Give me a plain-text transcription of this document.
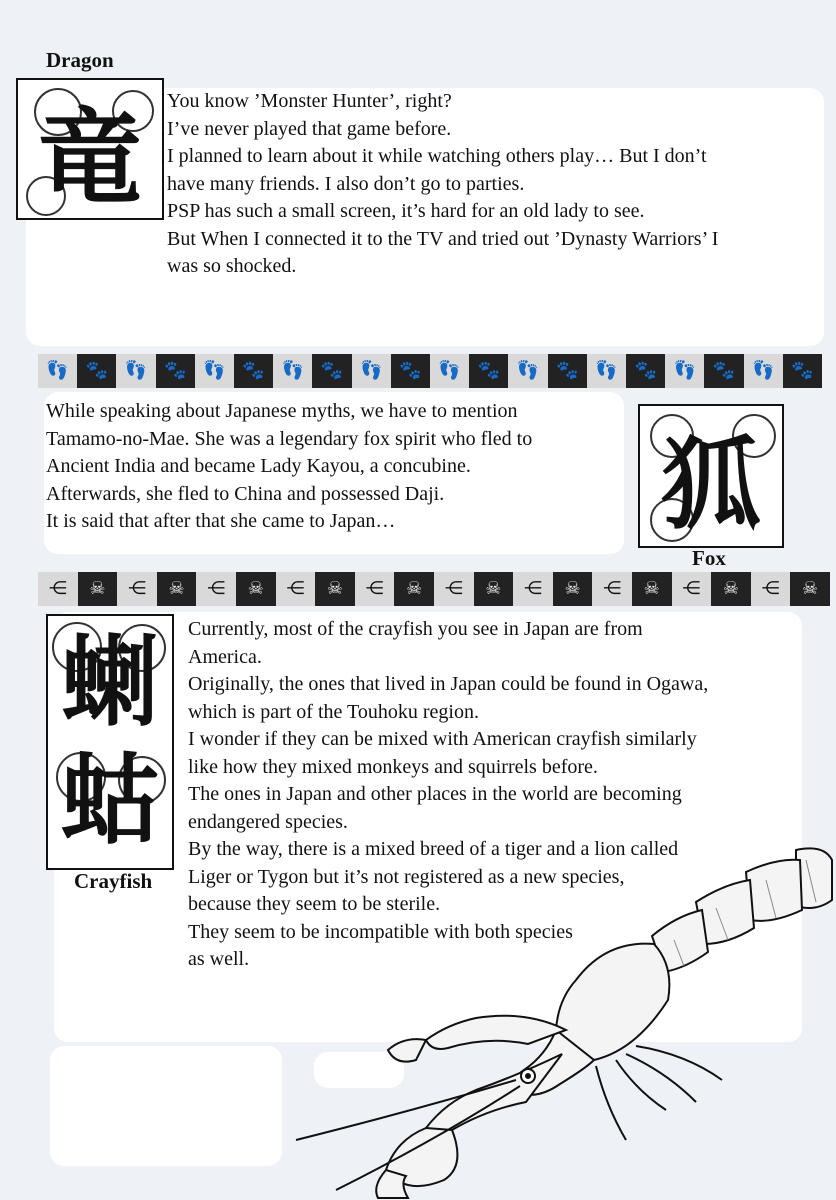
Dragon
竜 You know ’Monster Hunter’, right?
I’ve never played that game before.
I planned to learn about it while watching others play… But I don’t
have many friends. I also don’t go to parties.
PSP has such a small screen, it’s hard for an old lady to see.
But When I connected it to the TV and tried out ’Dynasty Warriors’ I
was so shocked.
👣 🐾 👣 🐾 👣 🐾 👣 🐾 👣 🐾 👣 🐾 👣 🐾 👣 🐾 👣 🐾 👣 🐾
While speaking about Japanese myths, we have to mention
Tamamo-no-Mae. She was a legendary fox spirit who fled to
Ancient India and became Lady Kayou, a concubine.
Afterwards, she fled to China and possessed Daji.
It is said that after that she came to Japan…	狐
Fox
⋲ ☠ ⋲ ☠ ⋲ ☠ ⋲ ☠ ⋲ ☠ ⋲ ☠ ⋲ ☠ ⋲ ☠ ⋲ ☠ ⋲ ☠
蝲
蛄
Crayfish
Currently, most of the crayfish you see in Japan are from
America.
Originally, the ones that lived in Japan could be found in Ogawa,
which is part of the Touhoku region.
I wonder if they can be mixed with American crayfish similarly
like how they mixed monkeys and squirrels before.
The ones in Japan and other places in the world are becoming
endangered species.
By the way, there is a mixed breed of a tiger and a lion called
Liger or Tygon but it’s not registered as a new species,
because they seem to be sterile.
They seem to be incompatible with both species
as well.
